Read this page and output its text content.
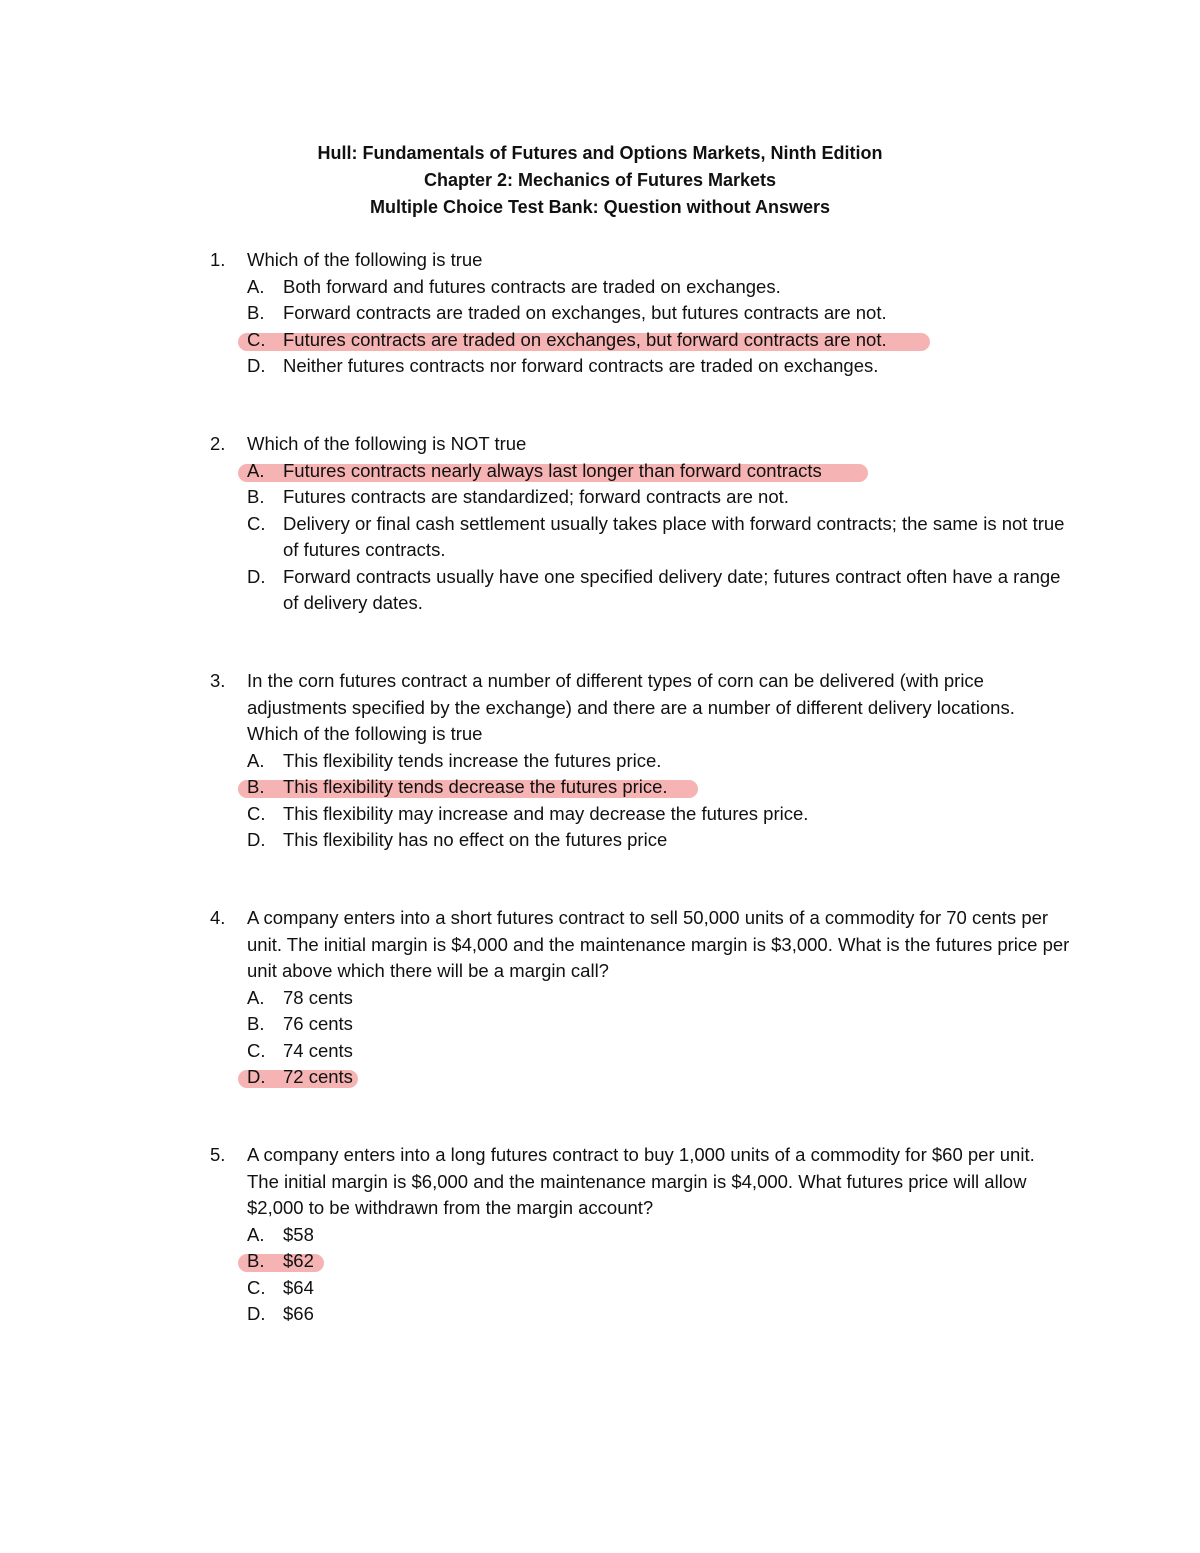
Hull: Fundamentals of Futures and Options Markets, Ninth Edition
Chapter 2: Mechanics of Futures Markets
Multiple Choice Test Bank: Question without Answers
1.	Which of the following is true
A.	Both forward and futures contracts are traded on exchanges.
B.	Forward contracts are traded on exchanges, but futures contracts are not.
C. Futures contracts are traded on exchanges, but forward contracts are not.
D. Neither futures contracts nor forward contracts are traded on exchanges.
2.	Which of the following is NOT true
A.	Futures contracts nearly always last longer than forward contracts
B.	Futures contracts are standardized; forward contracts are not.
C. Delivery or final cash settlement usually takes place with forward contracts; the same is not true of futures contracts.
D. Forward contracts usually have one specified delivery date; futures contract often have a range of delivery dates.
3.	In the corn futures contract a number of different types of corn can be delivered (with price adjustments specified by the exchange) and there are a number of different delivery locations. Which of the following is true
A.	This flexibility tends increase the futures price.
B.	This flexibility tends decrease the futures price.
C. This flexibility may increase and may decrease the futures price.
D. This flexibility has no effect on the futures price
4.	A company enters into a short futures contract to sell 50,000 units of a commodity for 70 cents per unit. The initial margin is $4,000 and the maintenance margin is $3,000. What is the futures price per unit above which there will be a margin call?
A.	78 cents
B.	76 cents
C. 74 cents
D. 72 cents
5.	A company enters into a long futures contract to buy 1,000 units of a commodity for $60 per unit. The initial margin is $6,000 and the maintenance margin is $4,000. What futures price will allow $2,000 to be withdrawn from the margin account?
A.	$58
B.	$62
C. $64
D. $66
